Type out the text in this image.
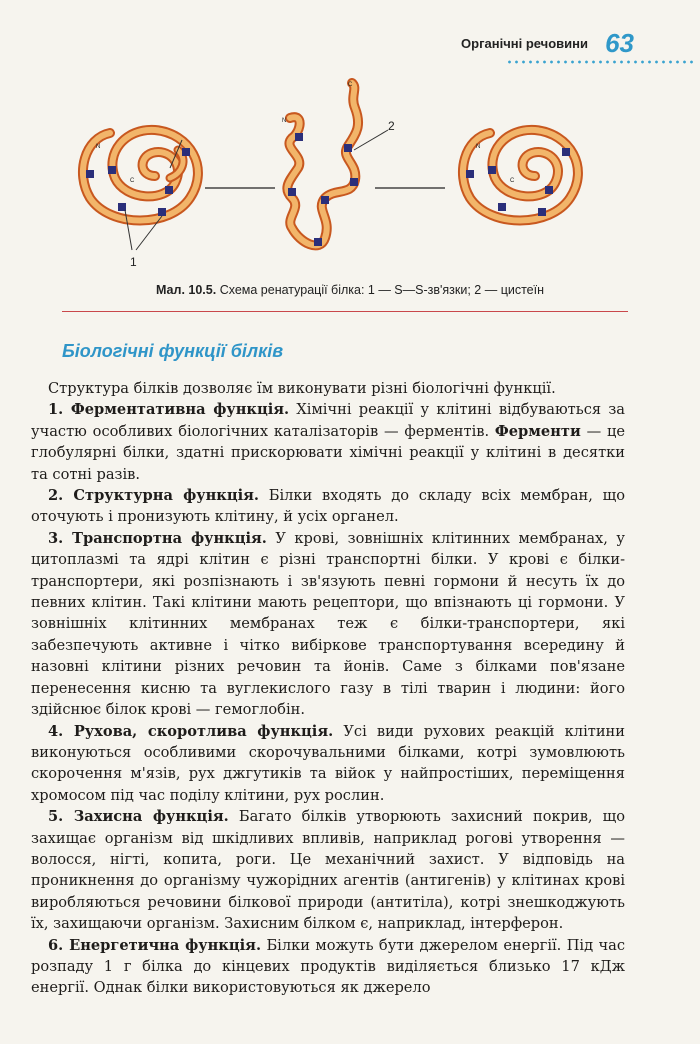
Органічні речовини 63
1
N
C
2
N
C
N
C
Мал. 10.5. Схема ренатурації білка: 1 — S—S-зв'язки; 2 — цистеїн
Біологічні функції білків

Структура білків дозволяє їм виконувати різні біологічні функції.

1. Ферментативна функція. Хімічні реакції у клітині відбуваються за участю особливих біологічних каталізаторів — ферментів. Ферменти — це глобулярні білки, здатні прискорювати хімічні реакції у клітині в десятки та сотні разів.

2. Структурна функція. Білки входять до складу всіх мембран, що оточують і пронизують клітину, й усіх органел.

3. Транспортна функція. У крові, зовнішніх клітинних мембранах, у цитоплазмі та ядрі клітин є різні транспортні білки. У крові є білки-транспортери, які розпізнають і зв'язують певні гормони й несуть їх до певних клітин. Такі клітини мають рецептори, що впізнають ці гормони. У зовнішніх клітинних мембранах теж є білки-транспортери, які забезпечують активне і чітко вибіркове транспортування всередину й назовні клітини різних речовин та йонів. Саме з білками пов'язане перенесення кисню та вуглекислого газу в тілі тварин і людини: його здійснює білок крові — гемоглобін.

4. Рухова, скоротлива функція. Усі види рухових реакцій клітини виконуються особливими скорочувальними білками, котрі зумовлюють скорочення м'язів, рух джгутиків та війок у найпростіших, переміщення хромосом під час поділу клітини, рух рослин.

5. Захисна функція. Багато білків утворюють захисний покрив, що захищає організм від шкідливих впливів, наприклад рогові утворення — волосся, нігті, копита, роги. Це механічний захист. У відповідь на проникнення до організму чужорідних агентів (антигенів) у клітинах крові виробляються речовини білкової природи (антитіла), котрі знешкоджують їх, захищаючи організм. Захисним білком є, наприклад, інтерферон.

6. Енергетична функція. Білки можуть бути джерелом енергії. Під час розпаду 1 г білка до кінцевих продуктів виділяється близько 17 кДж енергії. Однак білки використовуються як джерело
